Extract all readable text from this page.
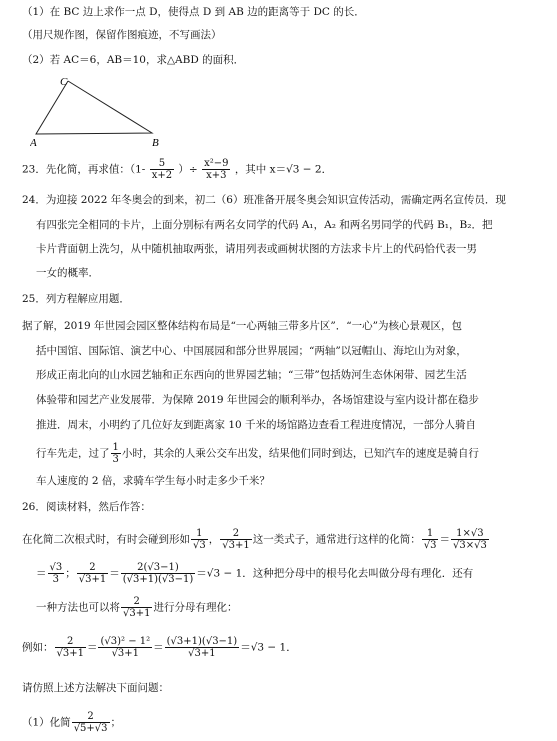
（1）在 BC 边上求作一点 D，使得点 D 到 AB 边的距离等于 DC 的长．
（用尺规作图，保留作图痕迹，不写画法）
（2）若 AC＝6，AB＝10，求△ABD 的面积．
C
A	B
23．先化简，再求值：（$1- \frac{5}{x+2}$ ）÷ $\frac{\text{x²−9}}{x+3}$ ，其中 x＝√3 − 2．
24．为迎接 2022 年冬奥会的到来，初二（6）班准备开展冬奥会知识宣传活动，需确定两名宣传员．现
有四张完全相同的卡片，上面分别标有两名女同学的代码 A₁，A₂ 和两名男同学的代码 B₁，B₂．把
卡片背面朝上洗匀，从中随机抽取两张，请用列表或画树状图的方法求卡片上的代码恰代表一男
一女的概率．
25．列方程解应用题．
据了解，2019 年世园会园区整体结构布局是“一心两轴三带多片区”．“一心”为核心景观区，包
括中国馆、国际馆、演艺中心、中国展园和部分世界展园；“两轴”以冠帽山、海坨山为对象，
形成正南北向的山水园艺轴和正东西向的世界园艺轴；“三带”包括妫河生态休闲带、园艺生活
体验带和园艺产业发展带．为保障 2019 年世园会的顺利举办，各场馆建设与室内设计都在稳步
推进．周末，小明约了几位好友到距离家 10 千米的场馆路边查看工程进度情况，一部分人骑自
行车先走，过了 $\frac{1}{3}$ 小时，其余的人乘公交车出发，结果他们同时到达，已知汽车的速度是骑自行
车人速度的 2 倍，求骑车学生每小时走多少千米？
26．阅读材料，然后作答：
在化简二次根式时，有时会碰到形如 $\frac{1}{√3}$ ， $\frac{2}{√3+1}$ 这一类式子，通常进行这样的化简： $\frac{1}{√3} = \frac{1\times√3}{√3\times√3}$
＝ $\frac{√3}{3}$ ； $\frac{2}{√3+1} = \frac{2(√3-1)}{(√3+1)(√3-1)} =√3 - 1$．这种把分母中的根号化去叫做分母有理化．还有
一种方法也可以将 $\frac{2}{√3+1}$ 进行分母有理化：
例如： $\frac{2}{√3+1} = \frac{\text{(√3)² − 1²}}{√3+1} = \frac{(√3+1)(√3-1)}{√3+1} =√3 - 1$．
请仿照上述方法解决下面问题：
（1）化简 $\frac{2}{√5+√3}$ ；
